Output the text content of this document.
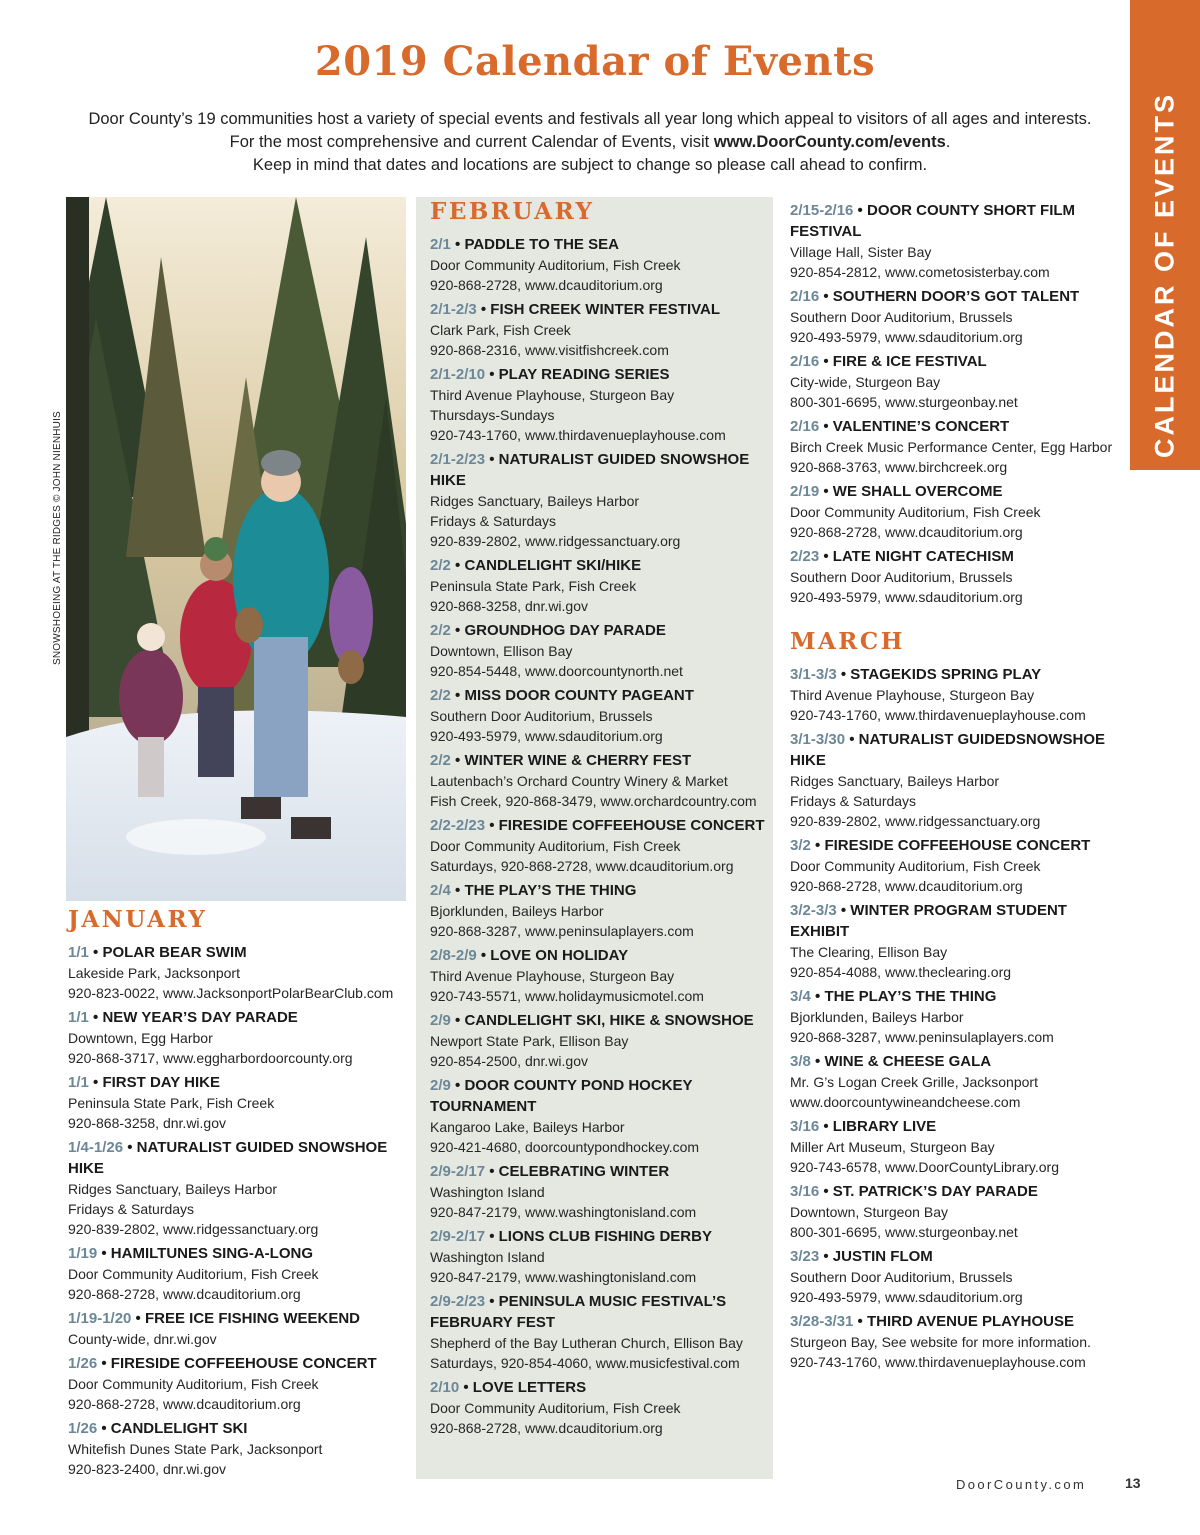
CALENDAR OF EVENTS
2019 Calendar of Events
Door County’s 19 communities host a variety of special events and festivals all year long which appeal to visitors of all ages and interests.
For the most comprehensive and current Calendar of Events, visit www.DoorCounty.com/events.
Keep in mind that dates and locations are subject to change so please call ahead to confirm.
SNOWSHOEING AT THE RIDGES © JOHN NIENHUIS
JANUARY
1/1 • POLAR BEAR SWIM
Lakeside Park, Jacksonport
920-823-0022, www.JacksonportPolarBearClub.com
1/1 • NEW YEAR’S DAY PARADE
Downtown, Egg Harbor
920-868-3717, www.eggharbordoorcounty.org
1/1 • FIRST DAY HIKE
Peninsula State Park, Fish Creek
920-868-3258, dnr.wi.gov
1/4-1/26 • NATURALIST GUIDED SNOWSHOE HIKE
Ridges Sanctuary, Baileys Harbor
Fridays & Saturdays
920-839-2802, www.ridgessanctuary.org
1/19 • HAMILTUNES SING-A-LONG
Door Community Auditorium, Fish Creek
920-868-2728, www.dcauditorium.org
1/19-1/20 • FREE ICE FISHING WEEKEND
County-wide, dnr.wi.gov
1/26 • FIRESIDE COFFEEHOUSE CONCERT
Door Community Auditorium, Fish Creek
920-868-2728, www.dcauditorium.org
1/26 • CANDLELIGHT SKI
Whitefish Dunes State Park, Jacksonport
920-823-2400, dnr.wi.gov
FEBRUARY
2/1 • PADDLE TO THE SEA
Door Community Auditorium, Fish Creek
920-868-2728, www.dcauditorium.org
2/1-2/3 • FISH CREEK WINTER FESTIVAL
Clark Park, Fish Creek
920-868-2316, www.visitfishcreek.com
2/1-2/10 • PLAY READING SERIES
Third Avenue Playhouse, Sturgeon Bay
Thursdays-Sundays
920-743-1760, www.thirdavenueplayhouse.com
2/1-2/23 • NATURALIST GUIDED SNOWSHOE HIKE
Ridges Sanctuary, Baileys Harbor
Fridays & Saturdays
920-839-2802, www.ridgessanctuary.org
2/2 • CANDLELIGHT SKI/HIKE
Peninsula State Park, Fish Creek
920-868-3258, dnr.wi.gov
2/2 • GROUNDHOG DAY PARADE
Downtown, Ellison Bay
920-854-5448, www.doorcountynorth.net
2/2 • MISS DOOR COUNTY PAGEANT
Southern Door Auditorium, Brussels
920-493-5979, www.sdauditorium.org
2/2 • WINTER WINE & CHERRY FEST
Lautenbach’s Orchard Country Winery & Market
Fish Creek, 920-868-3479, www.orchardcountry.com
2/2-2/23 • FIRESIDE COFFEEHOUSE CONCERT
Door Community Auditorium, Fish Creek
Saturdays, 920-868-2728, www.dcauditorium.org
2/4 • THE PLAY’S THE THING
Bjorklunden, Baileys Harbor
920-868-3287, www.peninsulaplayers.com
2/8-2/9 • LOVE ON HOLIDAY
Third Avenue Playhouse, Sturgeon Bay
920-743-5571, www.holidaymusicmotel.com
2/9 • CANDLELIGHT SKI, HIKE & SNOWSHOE
Newport State Park, Ellison Bay
920-854-2500, dnr.wi.gov
2/9 • DOOR COUNTY POND HOCKEY TOURNAMENT
Kangaroo Lake, Baileys Harbor
920-421-4680, doorcountypondhockey.com
2/9-2/17 • CELEBRATING WINTER
Washington Island
920-847-2179, www.washingtonisland.com
2/9-2/17 • LIONS CLUB FISHING DERBY
Washington Island
920-847-2179, www.washingtonisland.com
2/9-2/23 • PENINSULA MUSIC FESTIVAL’S FEBRUARY FEST
Shepherd of the Bay Lutheran Church, Ellison Bay
Saturdays, 920-854-4060, www.musicfestival.com
2/10 • LOVE LETTERS
Door Community Auditorium, Fish Creek
920-868-2728, www.dcauditorium.org
2/15-2/16 • DOOR COUNTY SHORT FILM FESTIVAL
Village Hall, Sister Bay
920-854-2812, www.cometosisterbay.com
2/16 • SOUTHERN DOOR’S GOT TALENT
Southern Door Auditorium, Brussels
920-493-5979, www.sdauditorium.org
2/16 • FIRE & ICE FESTIVAL
City-wide, Sturgeon Bay
800-301-6695, www.sturgeonbay.net
2/16 • VALENTINE’S CONCERT
Birch Creek Music Performance Center, Egg Harbor
920-868-3763, www.birchcreek.org
2/19 • WE SHALL OVERCOME
Door Community Auditorium, Fish Creek
920-868-2728, www.dcauditorium.org
2/23 • LATE NIGHT CATECHISM
Southern Door Auditorium, Brussels
920-493-5979, www.sdauditorium.org
MARCH
3/1-3/3 • STAGEKIDS SPRING PLAY
Third Avenue Playhouse, Sturgeon Bay
920-743-1760, www.thirdavenueplayhouse.com
3/1-3/30 • NATURALIST GUIDEDSNOWSHOE HIKE
Ridges Sanctuary, Baileys Harbor
Fridays & Saturdays
920-839-2802, www.ridgessanctuary.org
3/2 • FIRESIDE COFFEEHOUSE CONCERT
Door Community Auditorium, Fish Creek
920-868-2728, www.dcauditorium.org
3/2-3/3 • WINTER PROGRAM STUDENT EXHIBIT
The Clearing, Ellison Bay
920-854-4088, www.theclearing.org
3/4 • THE PLAY’S THE THING
Bjorklunden, Baileys Harbor
920-868-3287, www.peninsulaplayers.com
3/8 • WINE & CHEESE GALA
Mr. G’s Logan Creek Grille, Jacksonport
www.doorcountywineandcheese.com
3/16 • LIBRARY LIVE
Miller Art Museum, Sturgeon Bay
920-743-6578, www.DoorCountyLibrary.org
3/16 • ST. PATRICK’S DAY PARADE
Downtown, Sturgeon Bay
800-301-6695, www.sturgeonbay.net
3/23 • JUSTIN FLOM
Southern Door Auditorium, Brussels
920-493-5979, www.sdauditorium.org
3/28-3/31 • THIRD AVENUE PLAYHOUSE
Sturgeon Bay, See website for more information.
920-743-1760, www.thirdavenueplayhouse.com
DoorCounty.com	13
